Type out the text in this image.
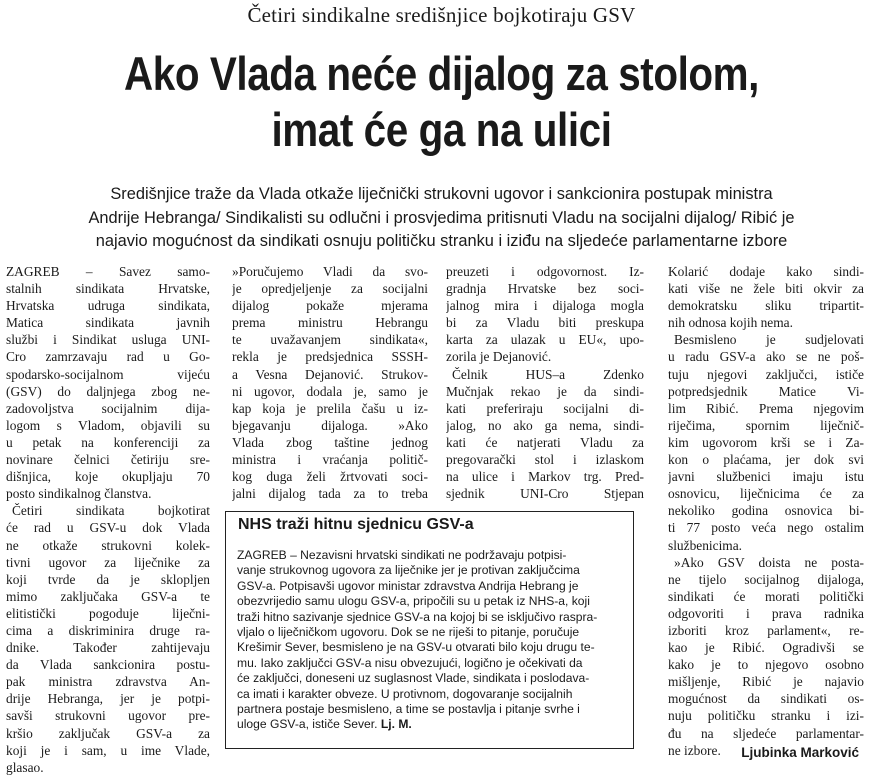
Četiri sindikalne središnjice bojkotiraju GSV
Ako Vlada neće dijalog za stolom,
imat će ga na ulici
Središnjice traže da Vlada otkaže liječnički strukovni ugovor i sankcionira postupak ministra
Andrije Hebranga/ Sindikalisti su odlučni i prosvjedima pritisnuti Vladu na socijalni dijalog/ Ribić je
najavio mogućnost da sindikati osnuju političku stranku i iziđu na sljedeće parlamentarne izbore
ZAGREB – Savez samo-
stalnih sindikata Hrvatske,
Hrvatska udruga sindikata,
Matica sindikata javnih
službi i Sindikat usluga UNI-
Cro zamrzavaju rad u Go-
spodarsko-socijalnom vijeću
(GSV) do daljnjega zbog ne-
zadovoljstva socijalnim dija-
logom s Vladom, objavili su
u petak na konferenciji za
novinare čelnici četiriju sre-
dišnjica, koje okupljaju 70
posto sindikalnog članstva.
Četiri sindikata bojkotirat
će rad u GSV-u dok Vlada
ne otkaže strukovni kolek-
tivni ugovor za liječnike za
koji tvrde da je sklopljen
mimo zaključaka GSV-a te
elitistički pogoduje liječni-
cima a diskriminira druge ra-
dnike. Također zahtijevaju
da Vlada sankcionira postu-
pak ministra zdravstva An-
drije Hebranga, jer je potpi-
savši strukovni ugovor pre-
kršio zaključak GSV-a za
koji je i sam, u ime Vlade,
glasao.
»Poručujemo Vladi da svo-
je opredjeljenje za socijalni
dijalog pokaže mjerama
prema ministru Hebrangu
te uvažavanjem sindikata«,
rekla je predsjednica SSSH-
a Vesna Dejanović. Strukov-
ni ugovor, dodala je, samo je
kap koja je prelila čašu u iz-
bjegavanju dijaloga. »Ako
Vlada zbog taštine jednog
ministra i vraćanja politič-
kog duga želi žrtvovati soci-
jalni dijalog tada za to treba
preuzeti i odgovornost. Iz-
gradnja Hrvatske bez soci-
jalnog mira i dijaloga mogla
bi za Vladu biti preskupa
karta za ulazak u EU«, upo-
zorila je Dejanović.
Čelnik HUS–a Zdenko
Mučnjak rekao je da sindi-
kati preferiraju socijalni di-
jalog, no ako ga nema, sindi-
kati će natjerati Vladu za
pregovarački stol i izlaskom
na ulice i Markov trg. Pred-
sjednik UNI-Cro Stjepan
Kolarić dodaje kako sindi-
kati više ne žele biti okvir za
demokratsku sliku tripartit-
nih odnosa kojih nema.
Besmisleno je sudjelovati
u radu GSV-a ako se ne poš-
tuju njegovi zaključci, ističe
potpredsjednik Matice Vi-
lim Ribić. Prema njegovim
riječima, spornim liječnič-
kim ugovorom krši se i Za-
kon o plaćama, jer dok svi
javni službenici imaju istu
osnovicu, liječnicima će za
nekoliko godina osnovica bi-
ti 77 posto veća nego ostalim
službenicima.
»Ako GSV doista ne posta-
ne tijelo socijalnog dijaloga,
sindikati će morati politički
odgovoriti i prava radnika
izboriti kroz parlament«, re-
kao je Ribić. Ogradivši se
kako je to njegovo osobno
mišljenje, Ribić je najavio
mogućnost da sindikati os-
nuju političku stranku i izi-
đu na sljedeće parlamentar-
ne izbore.
NHS traži hitnu sjednicu GSV-a
ZAGREB – Nezavisni hrvatski sindikati ne podržavaju potpisi-
vanje strukovnog ugovora za liječnike jer je protivan zaključcima
GSV-a. Potpisavši ugovor ministar zdravstva Andrija Hebrang je
obezvrijedio samu ulogu GSV-a, pripočili su u petak iz NHS-a, koji
traži hitno sazivanje sjednice GSV-a na kojoj bi se isključivo raspra-
vljalo o liječničkom ugovoru. Dok se ne riješi to pitanje, poručuje
Krešimir Sever, besmisleno je na GSV-u otvarati bilo koju drugu te-
mu. Iako zaključci GSV-a nisu obvezujući, logično je očekivati da
će zaključci, doneseni uz suglasnost Vlade, sindikata i poslodava-
ca imati i karakter obveze. U protivnom, dogovaranje socijalnih
partnera postaje besmisleno, a time se postavlja i pitanje svrhe i
uloge GSV-a, ističe Sever. Lj. M.
Ljubinka Marković
